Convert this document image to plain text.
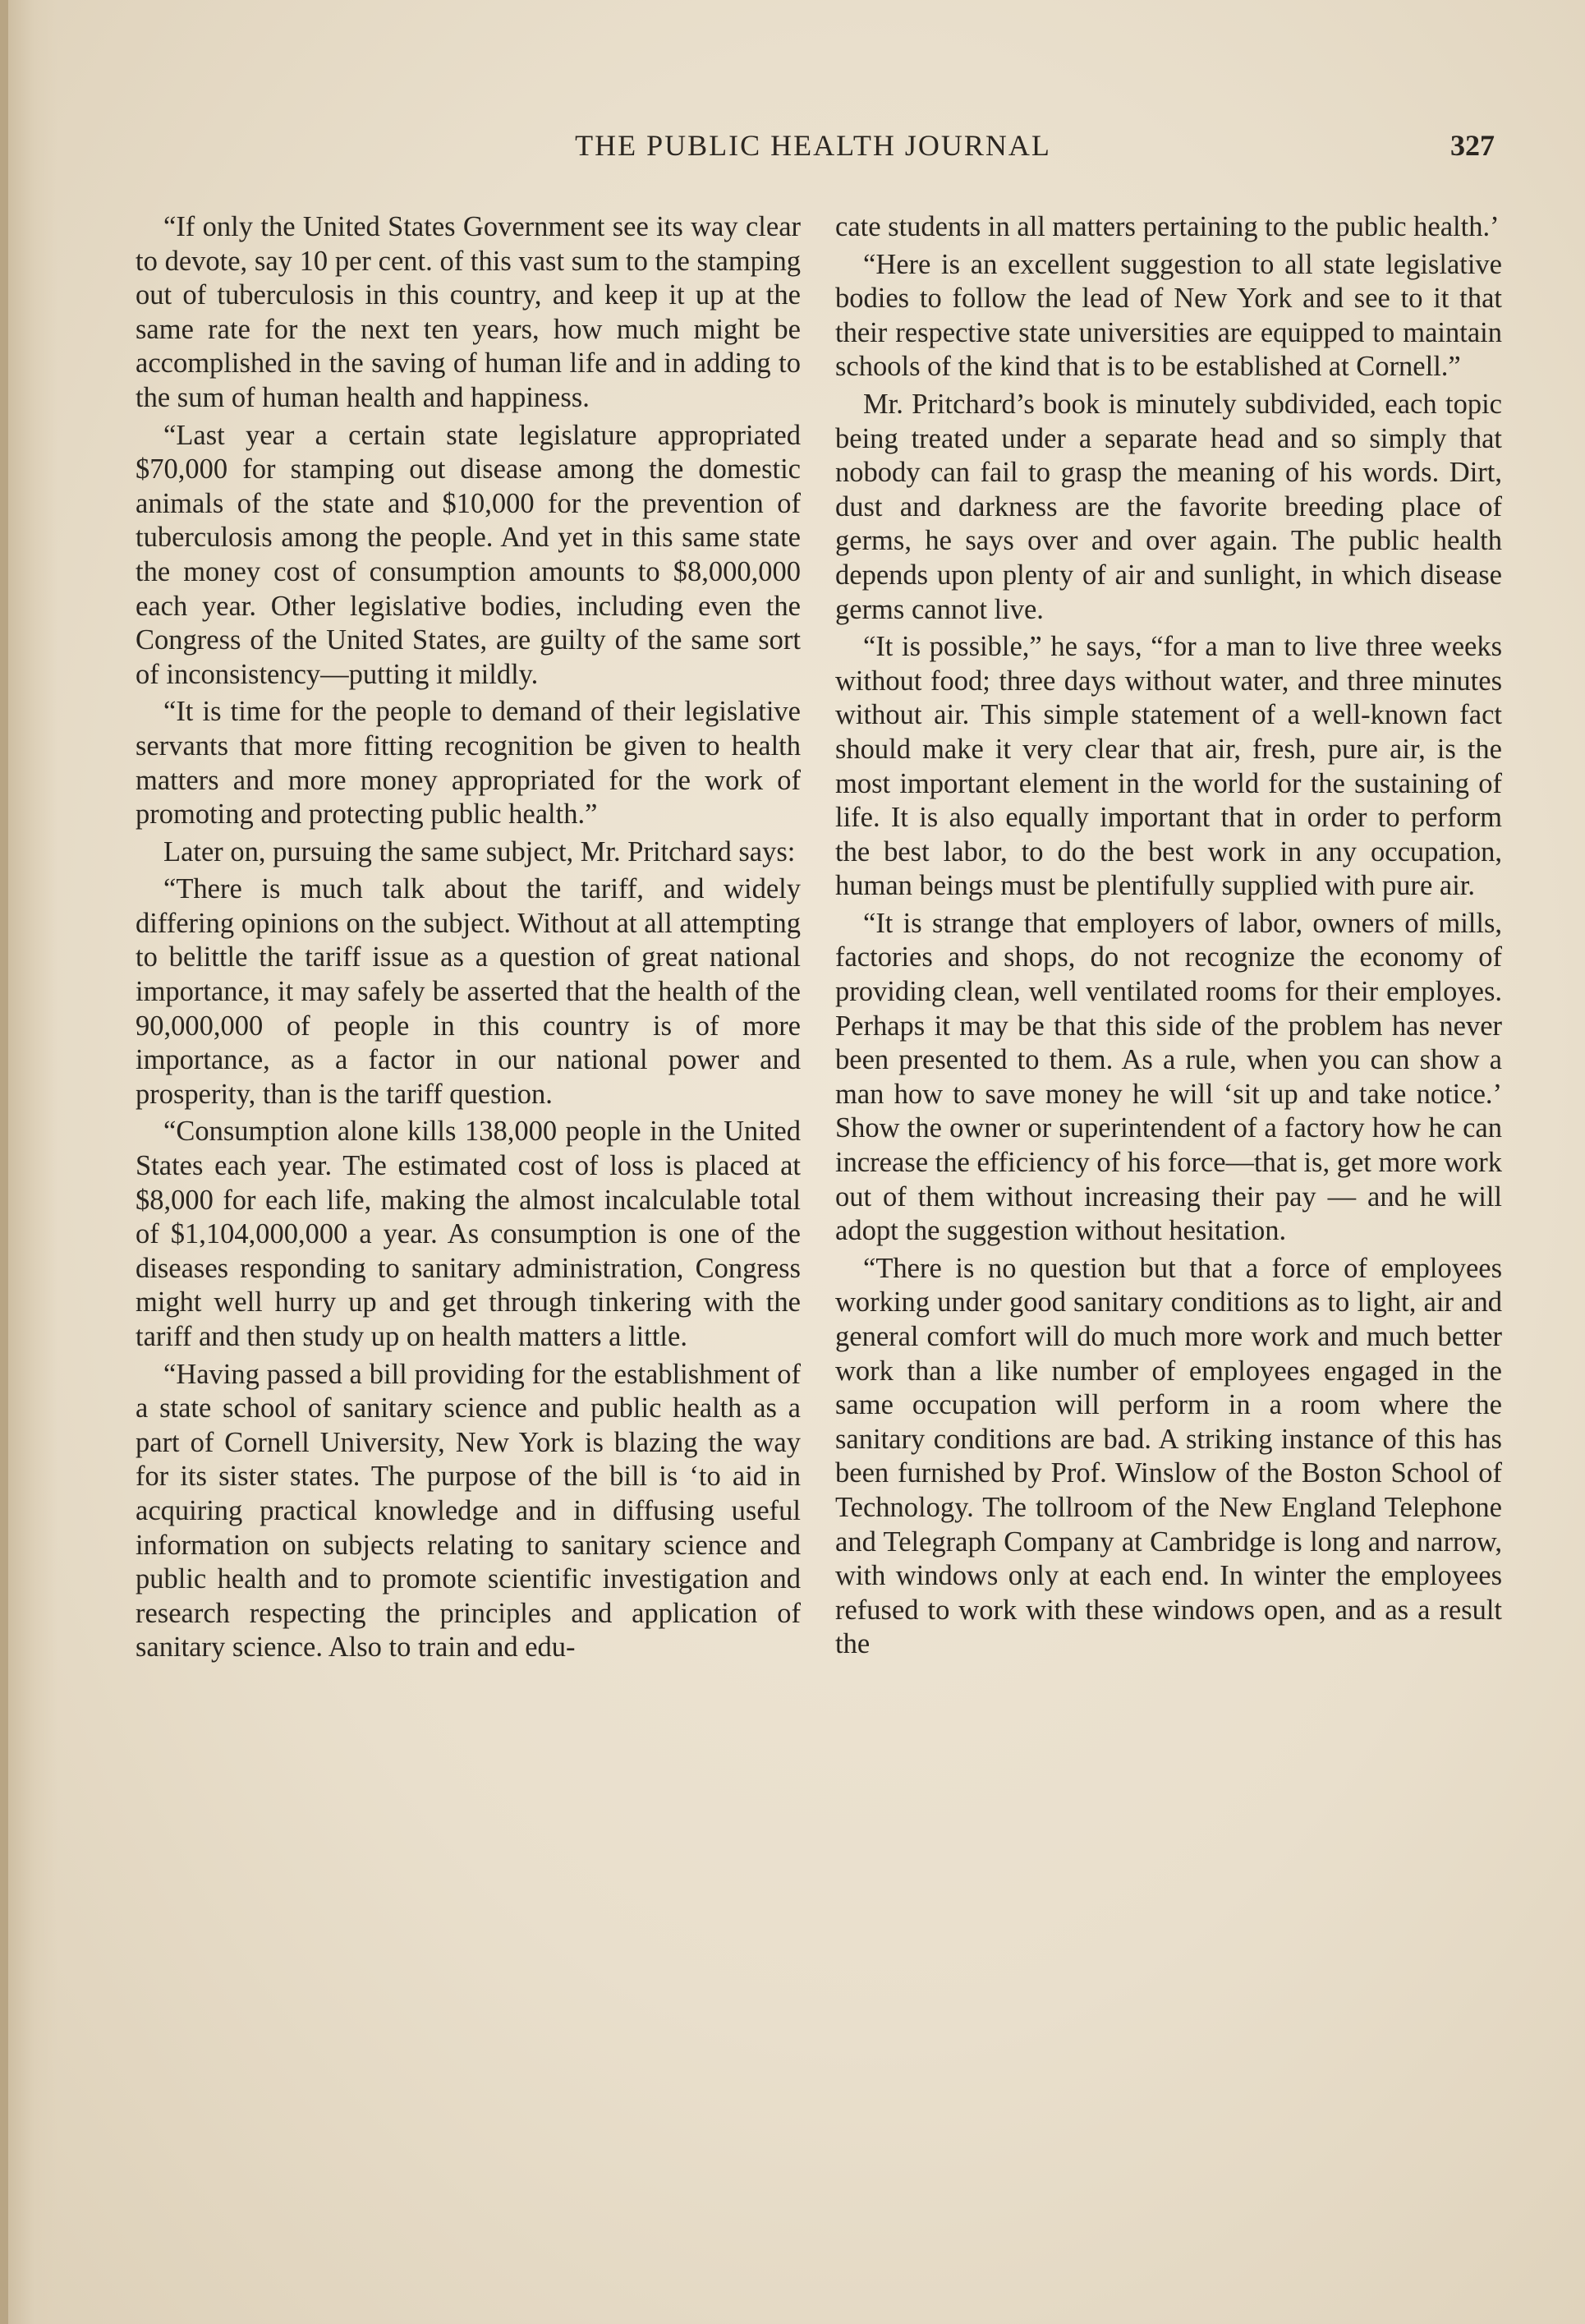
THE PUBLIC HEALTH JOURNAL	327

“If only the United States Government see its way clear to devote, say 10 per cent. of this vast sum to the stamping out of tuberculosis in this country, and keep it up at the same rate for the next ten years, how much might be accomplished in the saving of human life and in adding to the sum of human health and happiness.

“Last year a certain state legislature appropriated $70,000 for stamping out disease among the domestic animals of the state and $10,000 for the prevention of tuberculosis among the people. And yet in this same state the money cost of consumption amounts to $8,000,000 each year. Other legislative bodies, including even the Congress of the United States, are guilty of the same sort of inconsistency—putting it mildly.

“It is time for the people to demand of their legislative servants that more fitting recognition be given to health matters and more money appropriated for the work of promoting and protecting public health.”

Later on, pursuing the same subject, Mr. Pritchard says:

“There is much talk about the tariff, and widely differing opinions on the subject. Without at all attempting to belittle the tariff issue as a question of great national importance, it may safely be asserted that the health of the 90,000,000 of people in this country is of more importance, as a factor in our national power and prosperity, than is the tariff question.

“Consumption alone kills 138,000 people in the United States each year. The estimated cost of loss is placed at $8,000 for each life, making the almost incalculable total of $1,104,000,000 a year. As consumption is one of the diseases responding to sanitary administration, Congress might well hurry up and get through tinkering with the tariff and then study up on health matters a little.

“Having passed a bill providing for the establishment of a state school of sanitary science and public health as a part of Cornell University, New York is blazing the way for its sister states. The purpose of the bill is ‘to aid in acquiring practical knowledge and in diffusing useful information on subjects relating to sanitary science and public health and to promote scientific investigation and research respecting the principles and application of sanitary science. Also to train and edu-

cate students in all matters pertaining to the public health.’

“Here is an excellent suggestion to all state legislative bodies to follow the lead of New York and see to it that their respective state universities are equipped to maintain schools of the kind that is to be established at Cornell.”

Mr. Pritchard’s book is minutely subdivided, each topic being treated under a separate head and so simply that nobody can fail to grasp the meaning of his words. Dirt, dust and darkness are the favorite breeding place of germs, he says over and over again. The public health depends upon plenty of air and sunlight, in which disease germs cannot live.

“It is possible,” he says, “for a man to live three weeks without food; three days without water, and three minutes without air. This simple statement of a well-known fact should make it very clear that air, fresh, pure air, is the most important element in the world for the sustaining of life. It is also equally important that in order to perform the best labor, to do the best work in any occupation, human beings must be plentifully supplied with pure air.

“It is strange that employers of labor, owners of mills, factories and shops, do not recognize the economy of providing clean, well ventilated rooms for their employes. Perhaps it may be that this side of the problem has never been presented to them. As a rule, when you can show a man how to save money he will ‘sit up and take notice.’ Show the owner or superintendent of a factory how he can increase the efficiency of his force—that is, get more work out of them without increasing their pay — and he will adopt the suggestion without hesitation.

“There is no question but that a force of employees working under good sanitary conditions as to light, air and general comfort will do much more work and much better work than a like number of employees engaged in the same occupation will perform in a room where the sanitary conditions are bad. A striking instance of this has been furnished by Prof. Winslow of the Boston School of Technology. The tollroom of the New England Telephone and Telegraph Company at Cambridge is long and narrow, with windows only at each end. In winter the employees refused to work with these windows open, and as a result the
